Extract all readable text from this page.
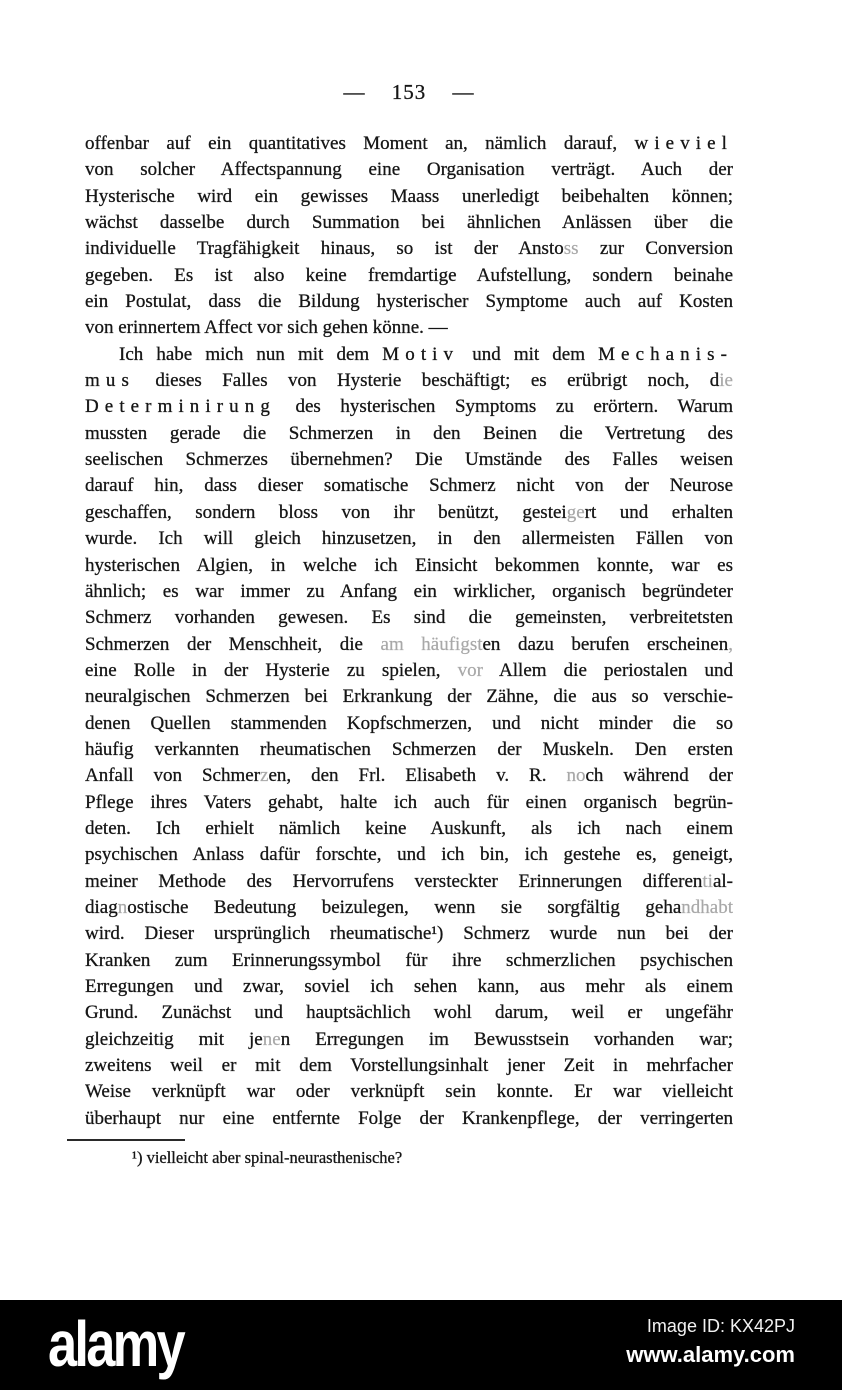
— 153 —
offenbar auf ein quantitatives Moment an, nämlich darauf, wieviel
von solcher Affectspannung eine Organisation verträgt. Auch der
Hysterische wird ein gewisses Maass unerledigt beibehalten können;
wächst dasselbe durch Summation bei ähnlichen Anlässen über die
individuelle Tragfähigkeit hinaus, so ist der Anstoss zur Conversion
gegeben. Es ist also keine fremdartige Aufstellung, sondern beinahe
ein Postulat, dass die Bildung hysterischer Symptome auch auf Kosten
von erinnertem Affect vor sich gehen könne. —
Ich habe mich nun mit dem Motiv und mit dem Mechanis-
mus dieses Falles von Hysterie beschäftigt; es erübrigt noch, die
Determinirung des hysterischen Symptoms zu erörtern. Warum
mussten gerade die Schmerzen in den Beinen die Vertretung des
seelischen Schmerzes übernehmen? Die Umstände des Falles weisen
darauf hin, dass dieser somatische Schmerz nicht von der Neurose
geschaffen, sondern bloss von ihr benützt, gesteigert und erhalten
wurde. Ich will gleich hinzusetzen, in den allermeisten Fällen von
hysterischen Algien, in welche ich Einsicht bekommen konnte, war es
ähnlich; es war immer zu Anfang ein wirklicher, organisch begründeter
Schmerz vorhanden gewesen. Es sind die gemeinsten, verbreitetsten
Schmerzen der Menschheit, die am häufigsten dazu berufen erscheinen,
eine Rolle in der Hysterie zu spielen, vor Allem die periostalen und
neuralgischen Schmerzen bei Erkrankung der Zähne, die aus so verschie-
denen Quellen stammenden Kopfschmerzen, und nicht minder die so
häufig verkannten rheumatischen Schmerzen der Muskeln. Den ersten
Anfall von Schmerzen, den Frl. Elisabeth v. R. noch während der
Pflege ihres Vaters gehabt, halte ich auch für einen organisch begrün-
deten. Ich erhielt nämlich keine Auskunft, als ich nach einem
psychischen Anlass dafür forschte, und ich bin, ich gestehe es, geneigt,
meiner Methode des Hervorrufens versteckter Erinnerungen differential-
diagnostische Bedeutung beizulegen, wenn sie sorgfältig gehandhabt
wird. Dieser ursprünglich rheumatische¹) Schmerz wurde nun bei der
Kranken zum Erinnerungssymbol für ihre schmerzlichen psychischen
Erregungen und zwar, soviel ich sehen kann, aus mehr als einem
Grund. Zunächst und hauptsächlich wohl darum, weil er ungefähr
gleichzeitig mit jenen Erregungen im Bewusstsein vorhanden war;
zweitens weil er mit dem Vorstellungsinhalt jener Zeit in mehrfacher
Weise verknüpft war oder verknüpft sein konnte. Er war vielleicht
überhaupt nur eine entfernte Folge der Krankenpflege, der verringerten
¹) vielleicht aber spinal-neurasthenische?
alamy	Image ID: KX42PJ
www.alamy.com
